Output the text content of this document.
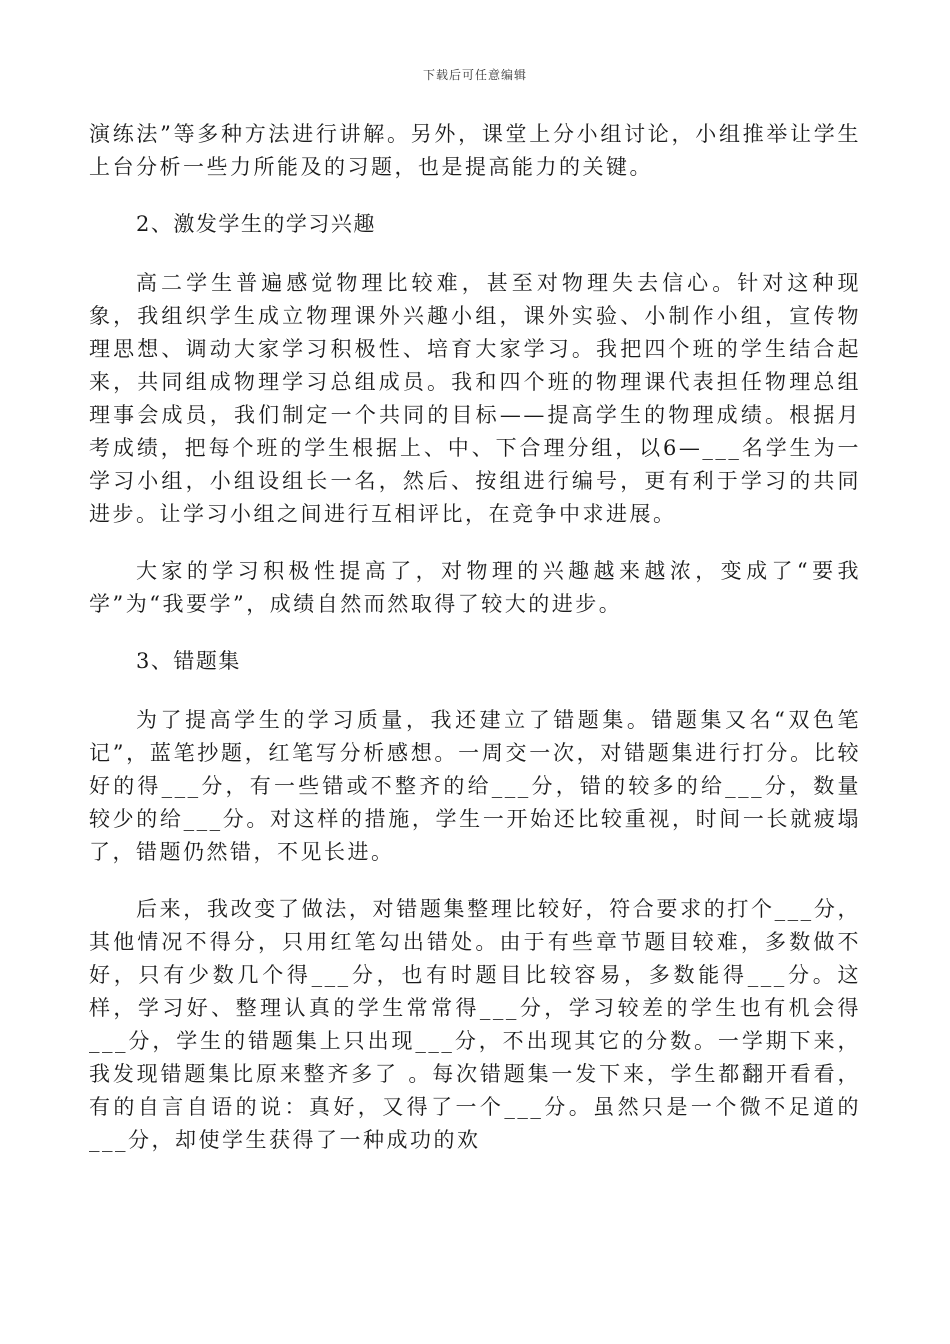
下载后可任意编辑

演练法”等多种方法进行讲解。另外，课堂上分小组讨论，小组推举让学生上台分析一些力所能及的习题，也是提高能力的关键。

2、激发学生的学习兴趣

高二学生普遍感觉物理比较难，甚至对物理失去信心。针对这种现象，我组织学生成立物理课外兴趣小组，课外实验、小制作小组，宣传物理思想、调动大家学习积极性、培育大家学习。我把四个班的学生结合起来，共同组成物理学习总组成员。我和四个班的物理课代表担任物理总组理事会成员，我们制定一个共同的目标——提高学生的物理成绩。根据月考成绩，把每个班的学生根据上、中、下合理分组，以6—___名学生为一学习小组，小组设组长一名，然后、按组进行编号，更有利于学习的共同进步。让学习小组之间进行互相评比，在竞争中求进展。

大家的学习积极性提高了，对物理的兴趣越来越浓，变成了“要我学”为“我要学”，成绩自然而然取得了较大的进步。

3、错题集

为了提高学生的学习质量，我还建立了错题集。错题集又名“双色笔记”，蓝笔抄题，红笔写分析感想。一周交一次，对错题集进行打分。比较好的得___分，有一些错或不整齐的给___分，错的较多的给___分，数量较少的给___分。对这样的措施，学生一开始还比较重视，时间一长就疲塌了，错题仍然错，不见长进。

后来，我改变了做法，对错题集整理比较好，符合要求的打个___分，其他情况不得分，只用红笔勾出错处。由于有些章节题目较难，多数做不好，只有少数几个得___分，也有时题目比较容易，多数能得___分。这样，学习好、整理认真的学生常常得___分，学习较差的学生也有机会得___分，学生的错题集上只出现___分，不出现其它的分数。一学期下来，我发现错题集比原来整齐多了 。每次错题集一发下来，学生都翻开看看，有的自言自语的说：真好，又得了一个___分。虽然只是一个微不足道的___分，却使学生获得了一种成功的欢
